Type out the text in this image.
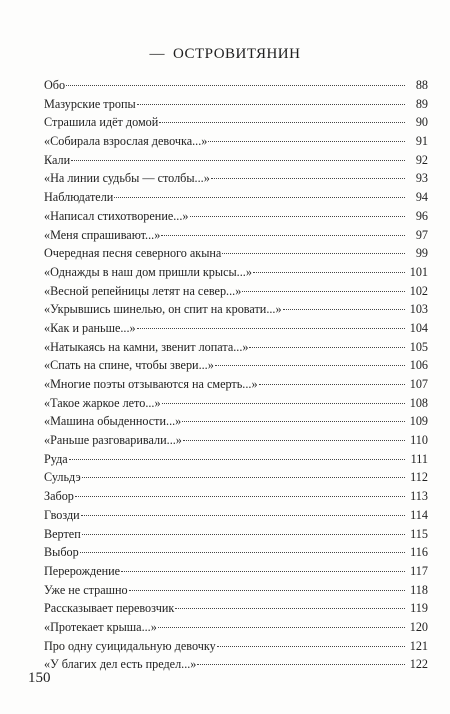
— ОСТРОВИТЯНИН
Обо	88
Мазурские тропы	89
Страшила идёт домой	90
«Собирала взрослая девочка...»	91
Кали	92
«На линии судьбы — столбы...»	93
Наблюдатели	94
«Написал стихотворение...»	96
«Меня спрашивают...»	97
Очередная песня северного акына	99
«Однажды в наш дом пришли крысы...»	101
«Весной репейницы летят на север...»	102
«Укрывшись шинелью, он спит на кровати...»	103
«Как и раньше...»	104
«Натыкаясь на камни, звенит лопата...»	105
«Спать на спине, чтобы звери...»	106
«Многие поэты отзываются на смерть...»	107
«Такое жаркое лето...»	108
«Машина обыденности...»	109
«Раньше разговаривали...»	110
Руда	111
Сульдэ	112
Забор	113
Гвозди	114
Вертеп	115
Выбор	116
Перерождение	117
Уже не страшно	118
Рассказывает перевозчик	119
«Протекает крыша...»	120
Про одну суицидальную девочку	121
«У благих дел есть предел...»	122
150
